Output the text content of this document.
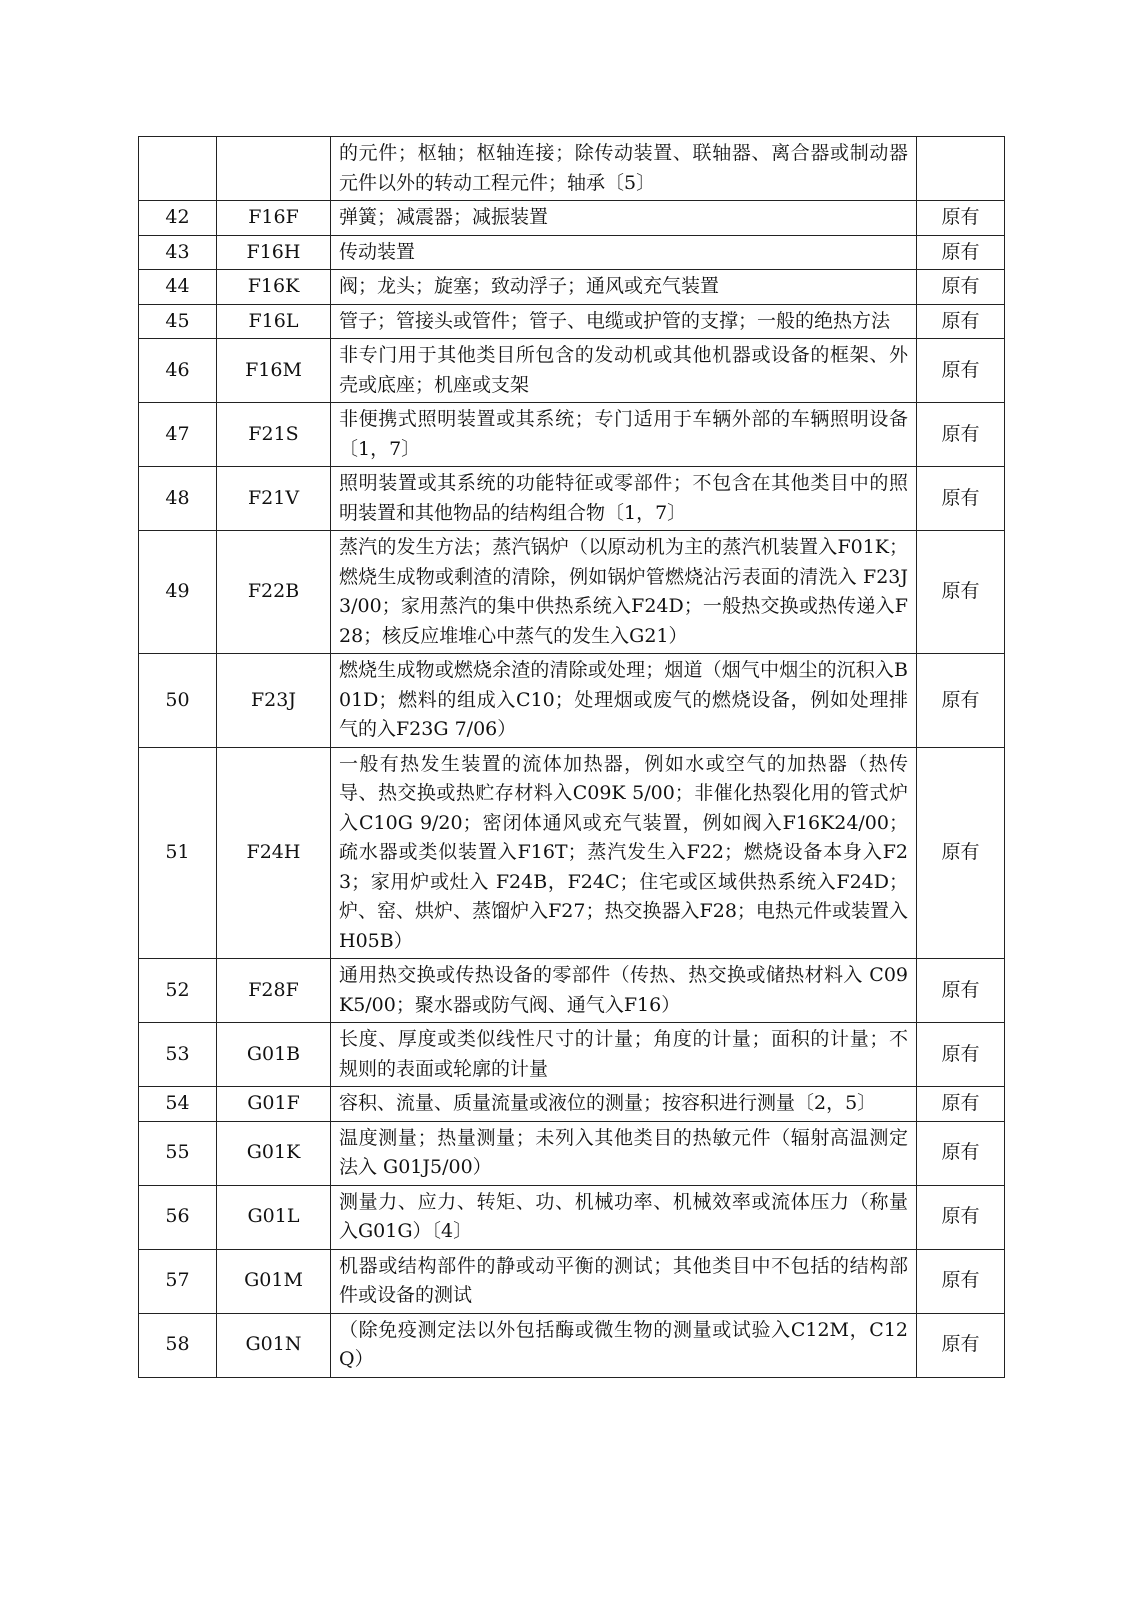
		的元件；枢轴；枢轴连接；除传动装置、联轴器、离合器或制动器元件以外的转动工程元件；轴承〔5〕	
42	F16F	弹簧；减震器；减振装置	原有
43	F16H	传动装置	原有
44	F16K	阀；龙头；旋塞；致动浮子；通风或充气装置	原有
45	F16L	管子；管接头或管件；管子、电缆或护管的支撑；一般的绝热方法	原有
46	F16M	非专门用于其他类目所包含的发动机或其他机器或设备的框架、外壳或底座；机座或支架	原有
47	F21S	非便携式照明装置或其系统；专门适用于车辆外部的车辆照明设备〔1，7〕	原有
48	F21V	照明装置或其系统的功能特征或零部件；不包含在其他类目中的照明装置和其他物品的结构组合物〔1，7〕	原有
49	F22B	蒸汽的发生方法；蒸汽锅炉（以原动机为主的蒸汽机装置入F01K；燃烧生成物或剩渣的清除，例如锅炉管燃烧沾污表面的清洗入 F23J3/00；家用蒸汽的集中供热系统入F24D；一般热交换或热传递入F28；核反应堆堆心中蒸气的发生入G21）	原有
50	F23J	燃烧生成物或燃烧余渣的清除或处理；烟道（烟气中烟尘的沉积入B01D；燃料的组成入C10；处理烟或废气的燃烧设备，例如处理排气的入F23G 7/06）	原有
51	F24H	一般有热发生装置的流体加热器，例如水或空气的加热器（热传导、热交换或热贮存材料入C09K 5/00；非催化热裂化用的管式炉入C10G 9/20；密闭体通风或充气装置，例如阀入F16K24/00；疏水器或类似装置入F16T；蒸汽发生入F22；燃烧设备本身入F23；家用炉或灶入 F24B，F24C；住宅或区域供热系统入F24D；炉、窑、烘炉、蒸馏炉入F27；热交换器入F28；电热元件或装置入H05B）	原有
52	F28F	通用热交换或传热设备的零部件（传热、热交换或储热材料入 C09K5/00；聚水器或防气阀、通气入F16）	原有
53	G01B	长度、厚度或类似线性尺寸的计量；角度的计量；面积的计量；不规则的表面或轮廓的计量	原有
54	G01F	容积、流量、质量流量或液位的测量；按容积进行测量〔2，5〕	原有
55	G01K	温度测量；热量测量；未列入其他类目的热敏元件（辐射高温测定法入 G01J5/00）	原有
56	G01L	测量力、应力、转矩、功、机械功率、机械效率或流体压力（称量入G01G）〔4〕	原有
57	G01M	机器或结构部件的静或动平衡的测试；其他类目中不包括的结构部件或设备的测试	原有
58	G01N	（除免疫测定法以外包括酶或微生物的测量或试验入C12M，C12Q）	原有
